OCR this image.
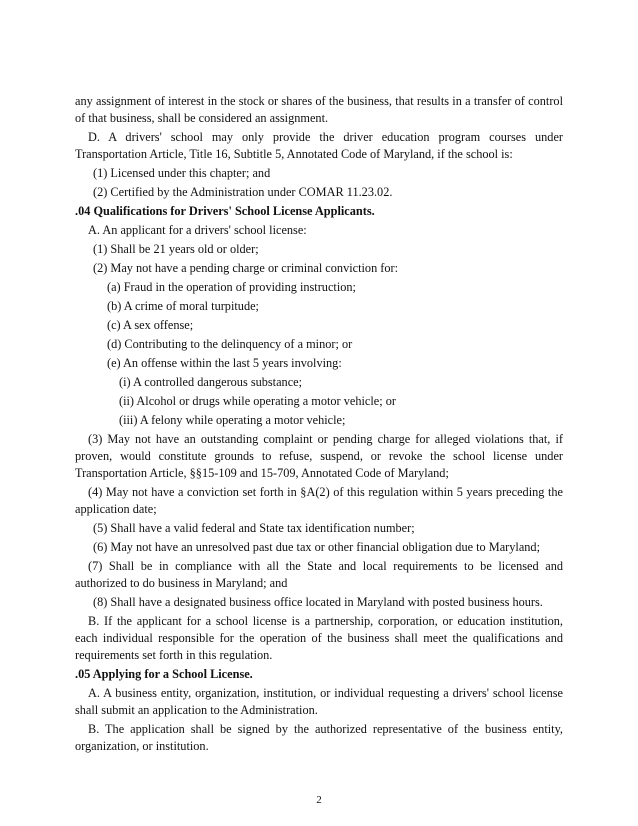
any assignment of interest in the stock or shares of the business, that results in a transfer of control of that business, shall be considered an assignment.

D. A drivers' school may only provide the driver education program courses under Transportation Article, Title 16, Subtitle 5, Annotated Code of Maryland, if the school is:

(1) Licensed under this chapter; and

(2) Certified by the Administration under COMAR 11.23.02.

.04 Qualifications for Drivers' School License Applicants.

A. An applicant for a drivers' school license:

(1) Shall be 21 years old or older;

(2) May not have a pending charge or criminal conviction for:

(a) Fraud in the operation of providing instruction;

(b) A crime of moral turpitude;

(c) A sex offense;

(d) Contributing to the delinquency of a minor; or

(e) An offense within the last 5 years involving:

(i) A controlled dangerous substance;

(ii) Alcohol or drugs while operating a motor vehicle; or

(iii) A felony while operating a motor vehicle;

(3) May not have an outstanding complaint or pending charge for alleged violations that, if proven, would constitute grounds to refuse, suspend, or revoke the school license under Transportation Article, §§15-109 and 15-709, Annotated Code of Maryland;

(4) May not have a conviction set forth in §A(2) of this regulation within 5 years preceding the application date;

(5) Shall have a valid federal and State tax identification number;

(6) May not have an unresolved past due tax or other financial obligation due to Maryland;

(7) Shall be in compliance with all the State and local requirements to be licensed and authorized to do business in Maryland; and

(8) Shall have a designated business office located in Maryland with posted business hours.

B. If the applicant for a school license is a partnership, corporation, or education institution, each individual responsible for the operation of the business shall meet the qualifications and requirements set forth in this regulation.

.05 Applying for a School License.

A. A business entity, organization, institution, or individual requesting a drivers' school license shall submit an application to the Administration.

B. The application shall be signed by the authorized representative of the business entity, organization, or institution.

2
